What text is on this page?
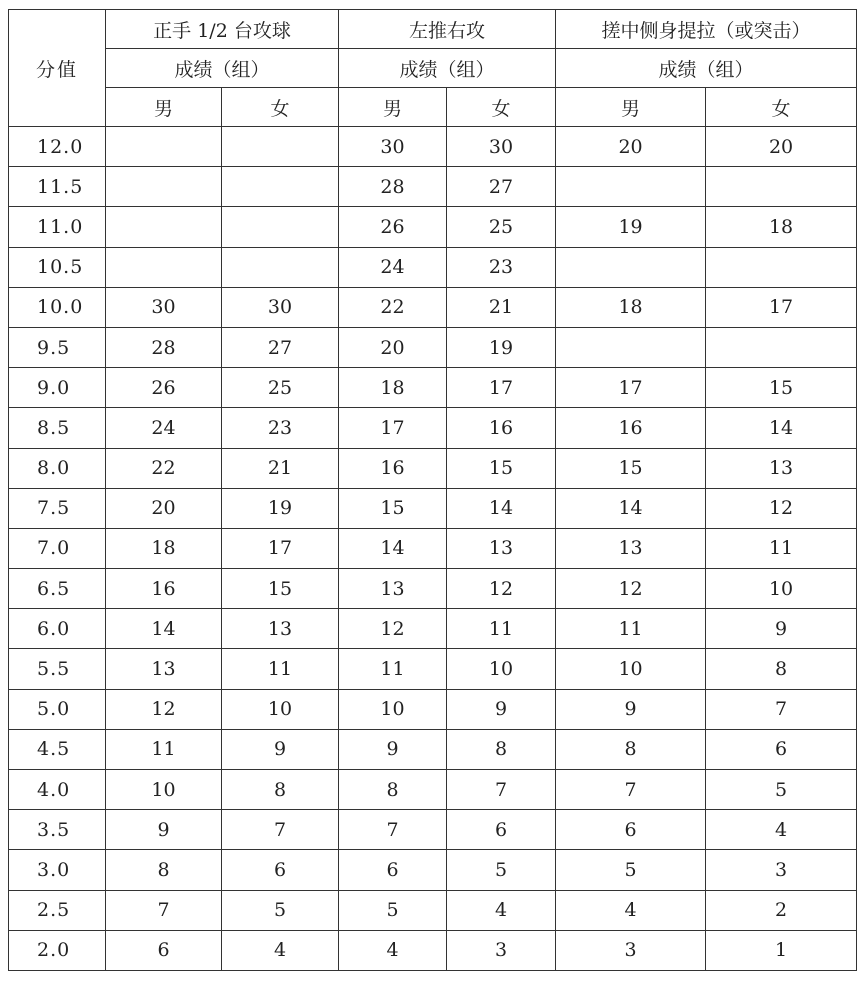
分值	正手 1/2 台攻球		左推右攻		搓中侧身提拉（或突击）	
	成绩（组）		成绩（组）		成绩（组）	
	男	女	男	女	男	女
12.0			30	30	20	20
11.5			28	27		
11.0			26	25	19	18
10.5			24	23		
10.0	30	30	22	21	18	17
9.5	28	27	20	19		
9.0	26	25	18	17	17	15
8.5	24	23	17	16	16	14
8.0	22	21	16	15	15	13
7.5	20	19	15	14	14	12
7.0	18	17	14	13	13	11
6.5	16	15	13	12	12	10
6.0	14	13	12	11	11	9
5.5	13	11	11	10	10	8
5.0	12	10	10	9	9	7
4.5	11	9	9	8	8	6
4.0	10	8	8	7	7	5
3.5	9	7	7	6	6	4
3.0	8	6	6	5	5	3
2.5	7	5	5	4	4	2
2.0	6	4	4	3	3	1
